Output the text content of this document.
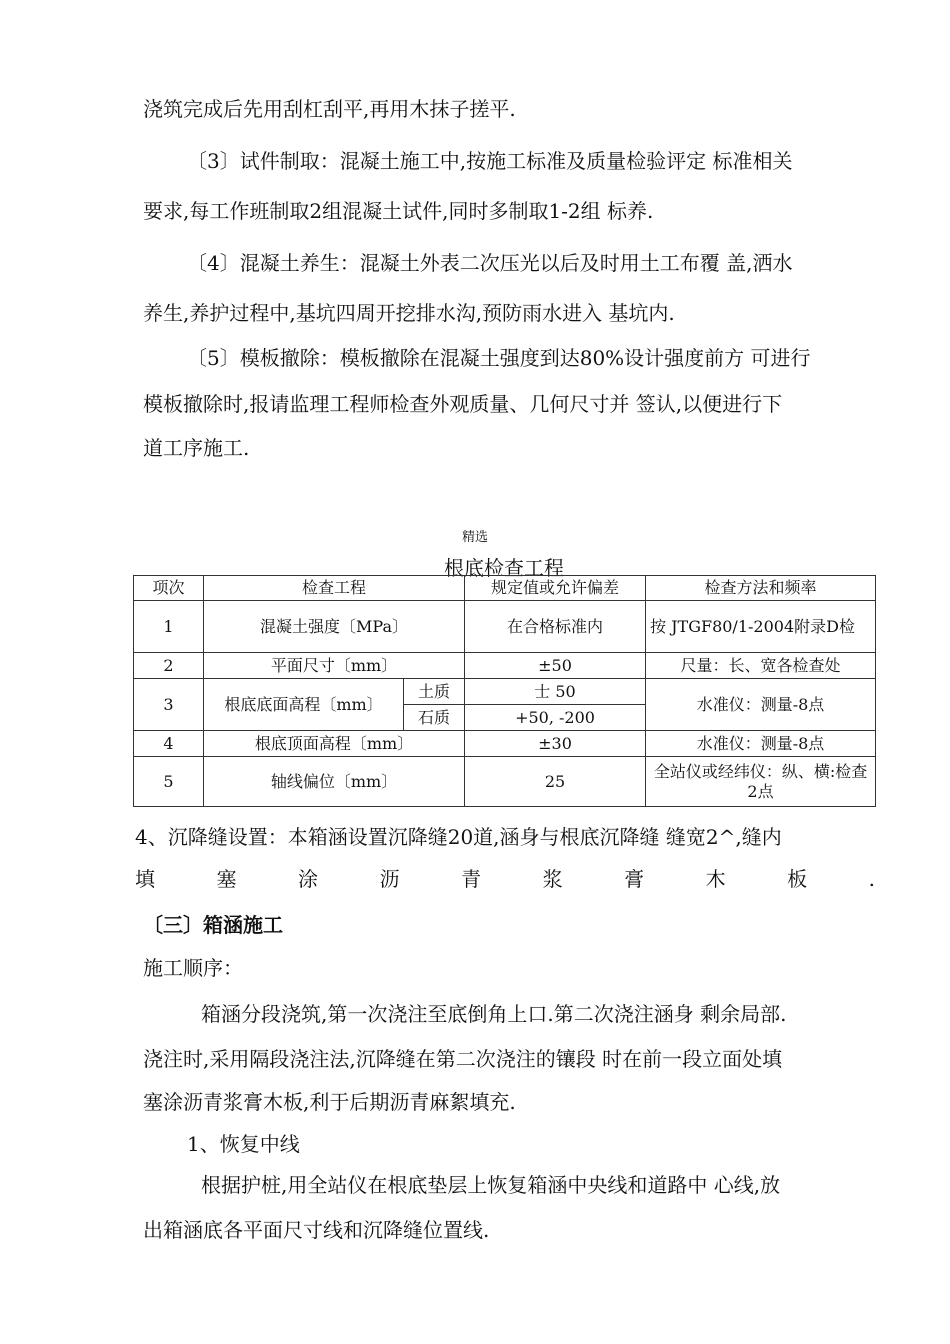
浇筑完成后先用刮杠刮平,再用木抹子搓平.
〔3〕试件制取：混凝土施工中,按施工标准及质量检验评定 标准相关
要求,每工作班制取2组混凝土试件,同时多制取1-2组 标养.
〔4〕混凝土养生：混凝土外表二次压光以后及时用土工布覆 盖,洒水
养生,养护过程中,基坑四周开挖排水沟,预防雨水进入 基坑内.
〔5〕模板撤除：模板撤除在混凝土强度到达80%设计强度前方 可进行
模板撤除时,报请监理工程师检查外观质量、几何尺寸并 签认,以便进行下
道工序施工.
精选
根底检查工程
项次	检查工程		规定值或允许偏差	检查方法和频率
1	混凝土强度〔MPa〕		在合格标准内	按 JTGF80/1-2004附录D检
2	平面尺寸〔mm〕		±50	尺量：长、宽各检查处
3	根底底面高程〔mm〕	土质	士 50	水准仪：测量-8点
		石质	+50, -200	
4	根底顶面高程〔mm〕		±30	水准仪：测量-8点
5	轴线偏位〔mm〕		25	全站仪或经纬仪：纵、横:检查2点
4、沉降缝设置：本箱涵设置沉降缝20道,涵身与根底沉降缝 缝宽2^,缝内
填	塞	涂	沥	青	浆	膏	木	板	.
〔三〕箱涵施工
施工顺序：
箱涵分段浇筑,第一次浇注至底倒角上口.第二次浇注涵身 剩余局部.
浇注时,采用隔段浇注法,沉降缝在第二次浇注的镶段 时在前一段立面处填
塞涂沥青浆膏木板,利于后期沥青麻絮填充.
1、恢复中线
根据护桩,用全站仪在根底垫层上恢复箱涵中央线和道路中 心线,放
出箱涵底各平面尺寸线和沉降缝位置线.
